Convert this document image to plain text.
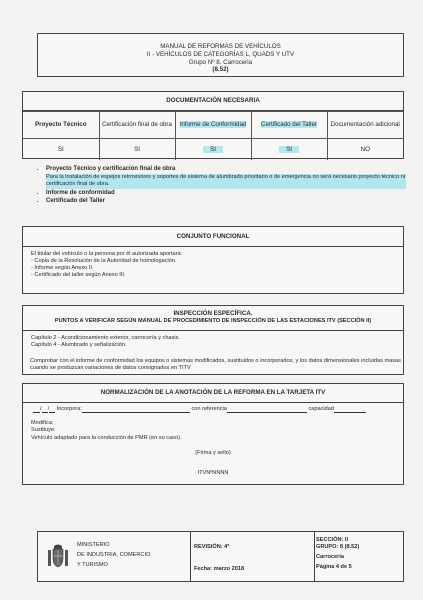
MANUAL DE REFORMAS DE VEHÍCULOS
II - VEHÍCULOS DE CATEGORÍAS L, QUADS Y UTV
Grupo Nº 8. Carroceria
(8.52)
DOCUMENTACIÓN NECESARIA
Proyecto Técnico	Certificación final de obra	Informe de Conformidad	Certificado del Taller	Documentación adicional
SI	SI	SI	SI	NO
• Proyecto Técnico y certificación final de obra
Para la instalación de espejos retrovisores y soportes de sistema de alumbrado prioritario o de emergencia no será necesario proyecto técnico ni certificación final de obra.
• Informe de conformidad
• Certificado del Taller
CONJUNTO FUNCIONAL
El titular del vehículo o la persona por él autorizada aportará:
- Copia de la Resolución de la Autoridad de homologación.
- Informe según Anexo II.
- Certificado del taller según Anexo III.
INSPECCIÓN ESPECÍFICA.
PUNTOS A VERIFICAR SEGÚN MANUAL DE PROCEDIMIENTO DE INSPECCIÓN DE LAS ESTACIONES ITV (SECCIÓN II)
Capítulo 2 - Acondicionamiento exterior, carrocería y chasis.
Capítulo 4 - Alumbrado y señalización.
Comprobar con el informe de conformidad los equipos o sistemas modificados, sustituidos o incorporados, y los datos dimensionales incluidas masas cuando se produzcan variaciones de datos consignados en TITV
NORMALIZACIÓN DE LA ANOTACIÓN DE LA REFORMA EN LA TARJETA ITV
/ / Incorpora:	con referencia	capacidad
Modifica:
Sustituye:
Vehículo adaptado para la conducción de PMR (en su caso).
(Firma y sello)
ITVNºNNNN
MINISTERIO
DE INDUSTRIA, COMERCIO
Y TURISMO
REVISIÓN: 4ª
Fecha: marzo 2018
SECCIÓN: II
GRUPO: 8 (8.52)
Carroceria
Página 4 de 5
